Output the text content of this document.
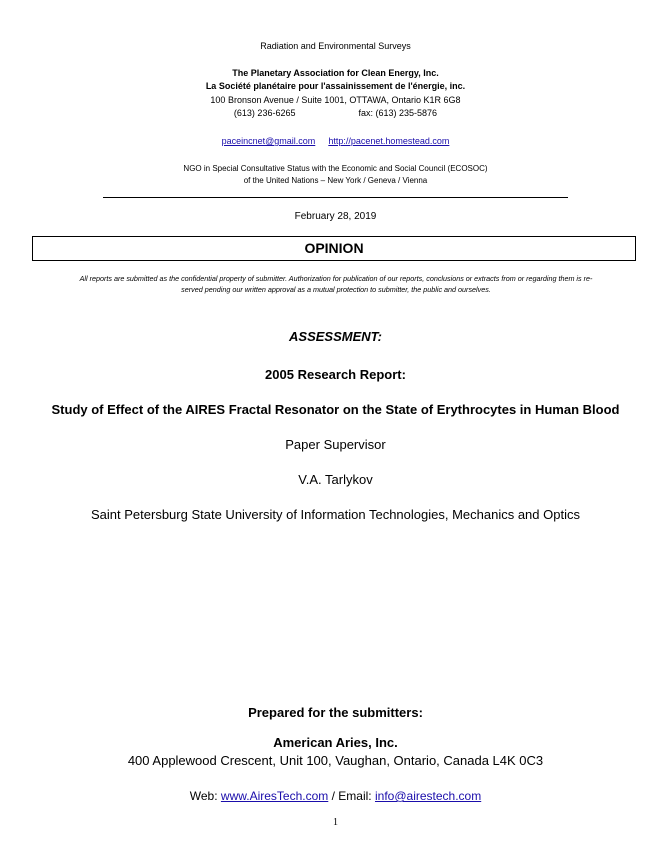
Radiation and Environmental Surveys
The Planetary Association for Clean Energy, Inc.
La Société planétaire pour l'assainissement de l'énergie, inc.
100 Bronson Avenue / Suite 1001, OTTAWA, Ontario K1R 6G8
(613) 236-6265	fax: (613) 235-5876
paceincnet@gmail.com http://pacenet.homestead.com
NGO in Special Consultative Status with the Economic and Social Council (ECOSOC)
of the United Nations – New York / Geneva / Vienna
February 28, 2019
OPINION
All reports are submitted as the confidential property of submitter. Authorization for publication of our reports, conclusions or extracts from or regarding them is re-
served pending our written approval as a mutual protection to submitter, the public and ourselves.
ASSESSMENT:
2005 Research Report:
Study of Effect of the AIRES Fractal Resonator on the State of Erythrocytes in Human Blood
Paper Supervisor
V.A. Tarlykov
Saint Petersburg State University of Information Technologies, Mechanics and Optics
Prepared for the submitters:
American Aries, Inc.
400 Applewood Crescent, Unit 100, Vaughan, Ontario, Canada L4K 0C3
Web: www.AiresTech.com / Email: info@airestech.com
1
